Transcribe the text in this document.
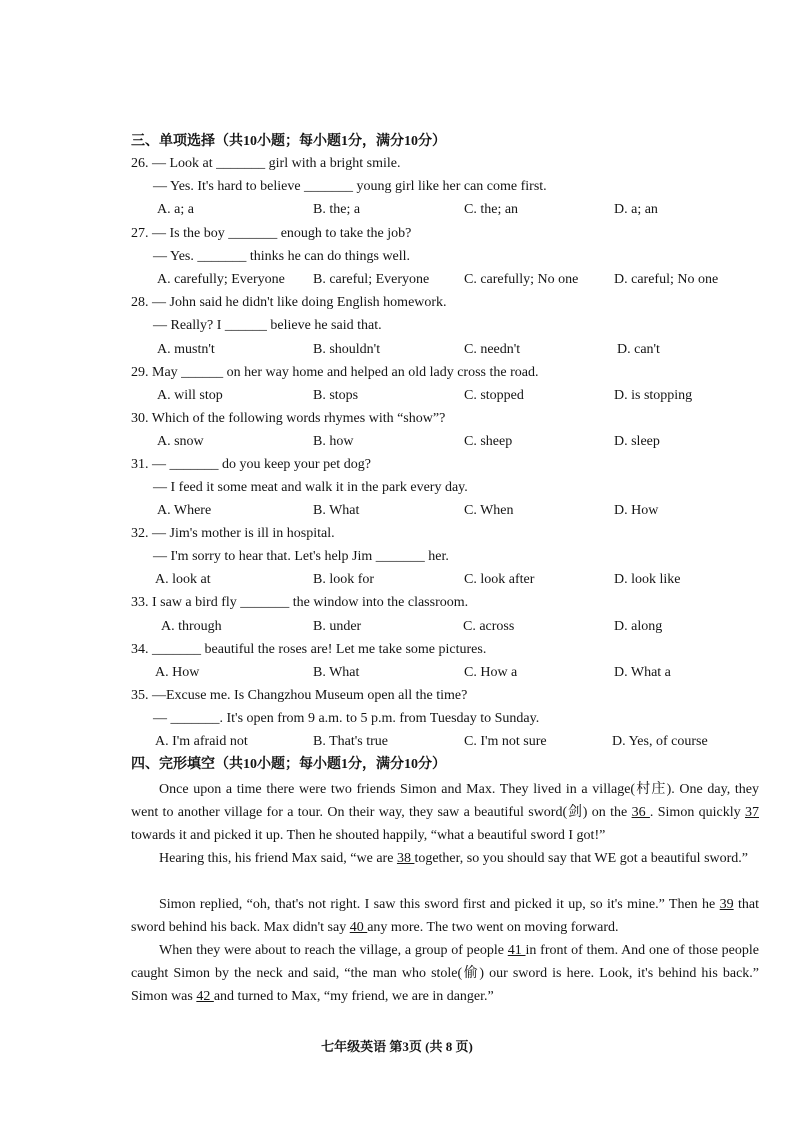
三、单项选择（共10小题；每小题1分，满分10分）
26. — Look at _______ girl with a bright smile.
— Yes. It's hard to believe _______ young girl like her can come first.
A. a; a	B. the; a	C. the; an	D. a; an
27. — Is the boy _______ enough to take the job?
— Yes. _______ thinks he can do things well.
A. carefully; Everyone B. careful; Everyone C. carefully; No one	D. careful; No one
28. — John said he didn't like doing English homework.
— Really? I ______ believe he said that.
A. mustn't	B. shouldn't	C. needn't	D. can't
29. May ______ on her way home and helped an old lady cross the road.
A. will stop	B. stops	C. stopped	D. is stopping
30. Which of the following words rhymes with “show”?
A. snow	B. how	C. sheep	D. sleep
31. — _______ do you keep your pet dog?
— I feed it some meat and walk it in the park every day.
A. Where	B. What	C. When	D. How
32. — Jim's mother is ill in hospital.
— I'm sorry to hear that. Let's help Jim _______ her.
A. look at	B. look for	C. look after	D. look like
33. I saw a bird fly _______ the window into the classroom.
A. through	B. under	C. across	D. along
34. _______ beautiful the roses are! Let me take some pictures.
A. How	B. What	C. How a	D. What a
35. —Excuse me. Is Changzhou Museum open all the time?
— _______. It's open from 9 a.m. to 5 p.m. from Tuesday to Sunday.
A. I'm afraid not	B. That's true	C. I'm not sure	D. Yes, of course
四、完形填空（共10小题；每小题1分，满分10分）
Once upon a time there were two friends Simon and Max. They lived in a village(村庄). One day, they went to another village for a tour. On their way, they saw a beautiful sword(剑) on the 36 . Simon quickly 37 towards it and picked it up. Then he shouted happily, “what a beautiful sword I got!”
Hearing this, his friend Max said, “we are 38 together, so you should say that WE got a beautiful sword.”
Simon replied, “oh, that's not right. I saw this sword first and picked it up, so it's mine.” Then he 39 that sword behind his back. Max didn't say 40 any more. The two went on moving forward.
When they were about to reach the village, a group of people 41 in front of them. And one of those people caught Simon by the neck and said, “the man who stole(偷) our sword is here. Look, it's behind his back.” Simon was 42 and turned to Max, “my friend, we are in danger.”
七年级英语 第3页 (共 8 页)
